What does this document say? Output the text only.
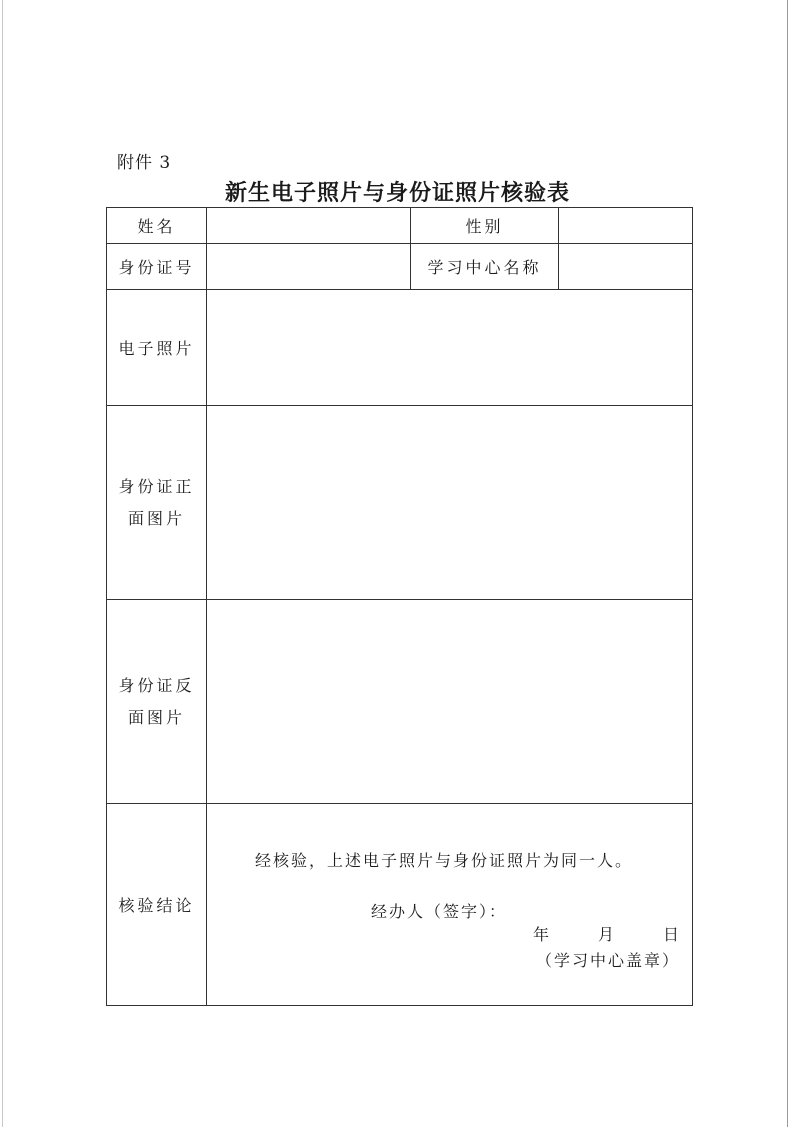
附件 3
新生电子照片与身份证照片核验表
姓名		性别	
身份证号		学习中心名称	
电子照片			

身份证正
面图片			

身份证反
面图片			

核验结论	经核验，上述电子照片与身份证照片为同一人。
经办人（签字）：
年 月 日
（学习中心盖章）		
